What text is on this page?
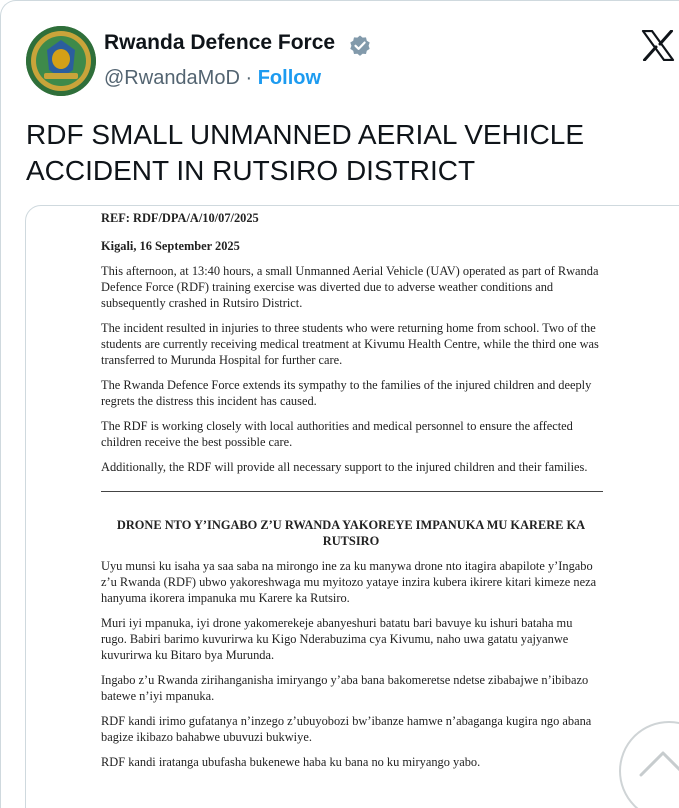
Rwanda Defence Force
@RwandaMoD · Follow
RDF SMALL UNMANNED AERIAL VEHICLE ACCIDENT IN RUTSIRO DISTRICT
REF: RDF/DPA/A/10/07/2025
Kigali, 16 September 2025
This afternoon, at 13:40 hours, a small Unmanned Aerial Vehicle (UAV) operated as part of Rwanda Defence Force (RDF) training exercise was diverted due to adverse weather conditions and subsequently crashed in Rutsiro District.
The incident resulted in injuries to three students who were returning home from school. Two of the students are currently receiving medical treatment at Kivumu Health Centre, while the third one was transferred to Murunda Hospital for further care.
The Rwanda Defence Force extends its sympathy to the families of the injured children and deeply regrets the distress this incident has caused.
The RDF is working closely with local authorities and medical personnel to ensure the affected children receive the best possible care.
Additionally, the RDF will provide all necessary support to the injured children and their families.
DRONE NTO Y’INGABO Z’U RWANDA YAKOREYE IMPANUKA MU KARERE KA RUTSIRO
Uyu munsi ku isaha ya saa saba na mirongo ine za ku manywa drone nto itagira abapilote y’Ingabo z’u Rwanda (RDF) ubwo yakoreshwaga mu myitozo yataye inzira kubera ikirere kitari kimeze neza hanyuma ikorera impanuka mu Karere ka Rutsiro.
Muri iyi mpanuka, iyi drone yakomerekeje abanyeshuri batatu bari bavuye ku ishuri bataha mu rugo. Babiri barimo kuvurirwa ku Kigo Nderabuzima cya Kivumu, naho uwa gatatu yajyanwe kuvurirwa ku Bitaro bya Murunda.
Ingabo z’u Rwanda zirihanganisha imiryango y’aba bana bakomeretse ndetse zibabajwe n’ibibazo batewe n’iyi mpanuka.
RDF kandi irimo gufatanya n’inzego z’ubuyobozi bw’ibanze hamwe n’abaganga kugira ngo abana bagize ikibazo bahabwe ubuvuzi bukwiye.
RDF kandi iratanga ubufasha bukenewe haba ku bana no ku miryango yabo.
